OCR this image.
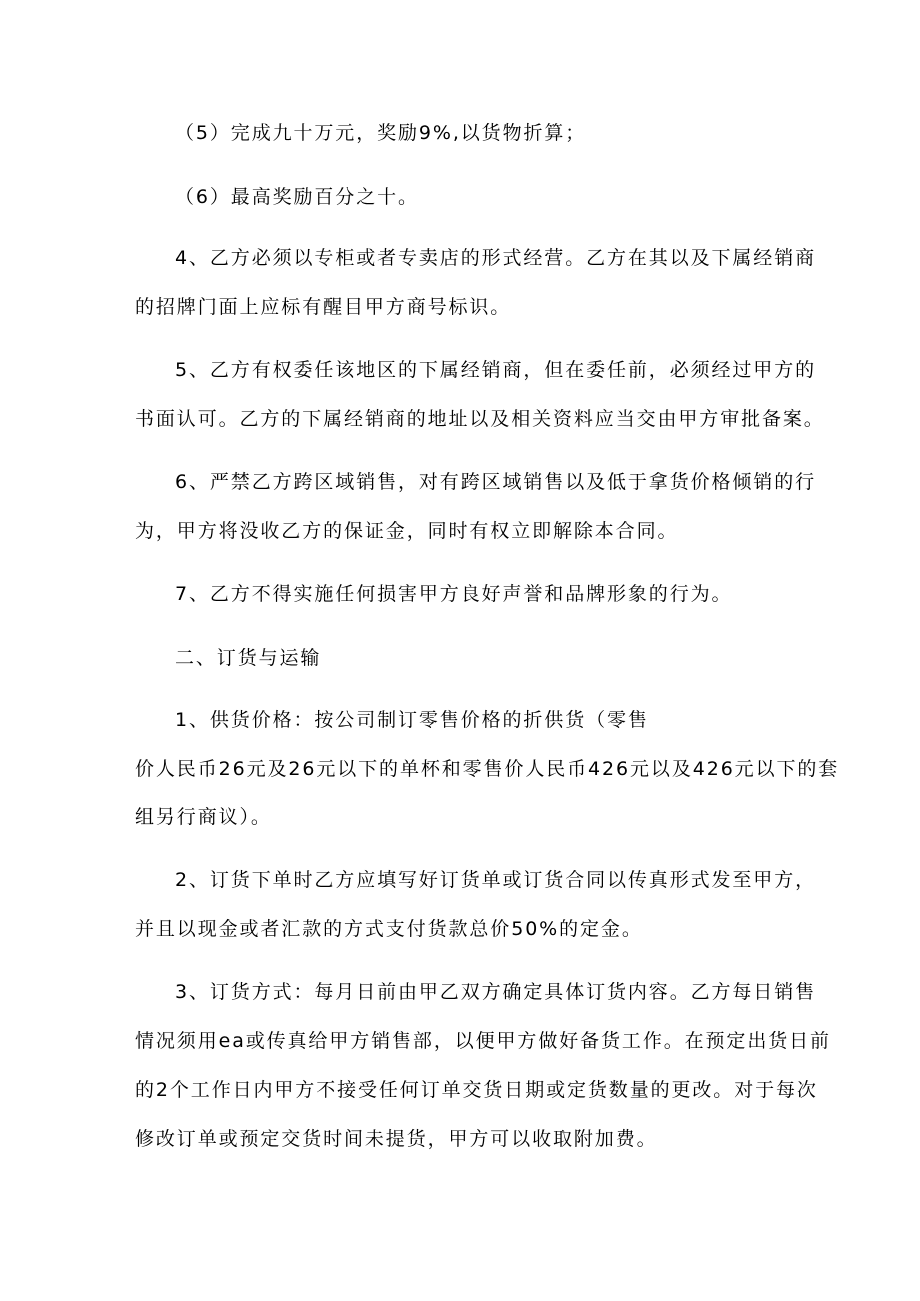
（5）完成九十万元，奖励9%,以货物折算；
（6）最高奖励百分之十。
4、乙方必须以专柜或者专卖店的形式经营。乙方在其以及下属经销商
的招牌门面上应标有醒目甲方商号标识。
5、乙方有权委任该地区的下属经销商，但在委任前，必须经过甲方的
书面认可。乙方的下属经销商的地址以及相关资料应当交由甲方审批备案。
6、严禁乙方跨区域销售，对有跨区域销售以及低于拿货价格倾销的行
为，甲方将没收乙方的保证金，同时有权立即解除本合同。
7、乙方不得实施任何损害甲方良好声誉和品牌形象的行为。
二、订货与运输
1、供货价格：按公司制订零售价格的折供货（零售
价人民币26元及26元以下的单杯和零售价人民币426元以及426元以下的套
组另行商议）。
2、订货下单时乙方应填写好订货单或订货合同以传真形式发至甲方，
并且以现金或者汇款的方式支付货款总价50%的定金。
3、订货方式：每月日前由甲乙双方确定具体订货内容。乙方每日销售
情况须用ea或传真给甲方销售部，以便甲方做好备货工作。在预定出货日前
的2个工作日内甲方不接受任何订单交货日期或定货数量的更改。对于每次
修改订单或预定交货时间未提货，甲方可以收取附加费。
